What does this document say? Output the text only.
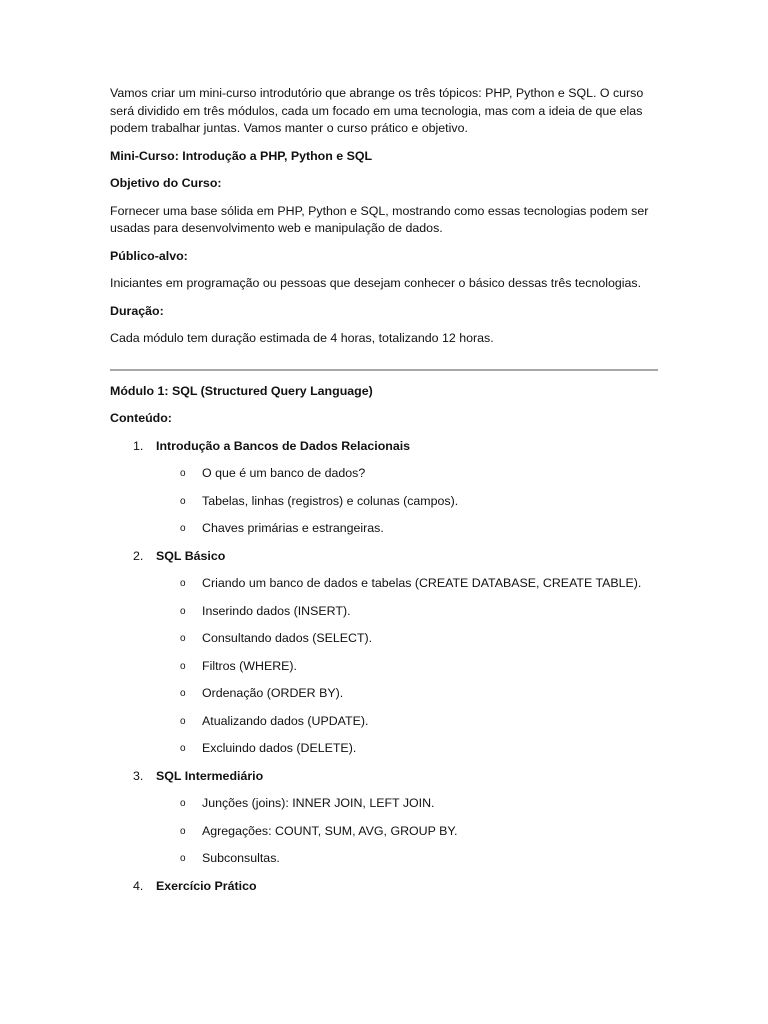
Vamos criar um mini-curso introdutório que abrange os três tópicos: PHP, Python e SQL. O curso será dividido em três módulos, cada um focado em uma tecnologia, mas com a ideia de que elas podem trabalhar juntas. Vamos manter o curso prático e objetivo.

Mini-Curso: Introdução a PHP, Python e SQL

Objetivo do Curso:

Fornecer uma base sólida em PHP, Python e SQL, mostrando como essas tecnologias podem ser usadas para desenvolvimento web e manipulação de dados.

Público-alvo:

Iniciantes em programação ou pessoas que desejam conhecer o básico dessas três tecnologias.

Duração:

Cada módulo tem duração estimada de 4 horas, totalizando 12 horas.

Módulo 1: SQL (Structured Query Language)

Conteúdo:

1. Introdução a Bancos de Dados Relacionais

o O que é um banco de dados?
o Tabelas, linhas (registros) e colunas (campos).
o Chaves primárias e estrangeiras.
2. SQL Básico

o Criando um banco de dados e tabelas (CREATE DATABASE, CREATE TABLE).
o Inserindo dados (INSERT).
o Consultando dados (SELECT).
o Filtros (WHERE).
o Ordenação (ORDER BY).
o Atualizando dados (UPDATE).
o Excluindo dados (DELETE).
3. SQL Intermediário

o Junções (joins): INNER JOIN, LEFT JOIN.
o Agregações: COUNT, SUM, AVG, GROUP BY.
o Subconsultas.
4. Exercício Prático
